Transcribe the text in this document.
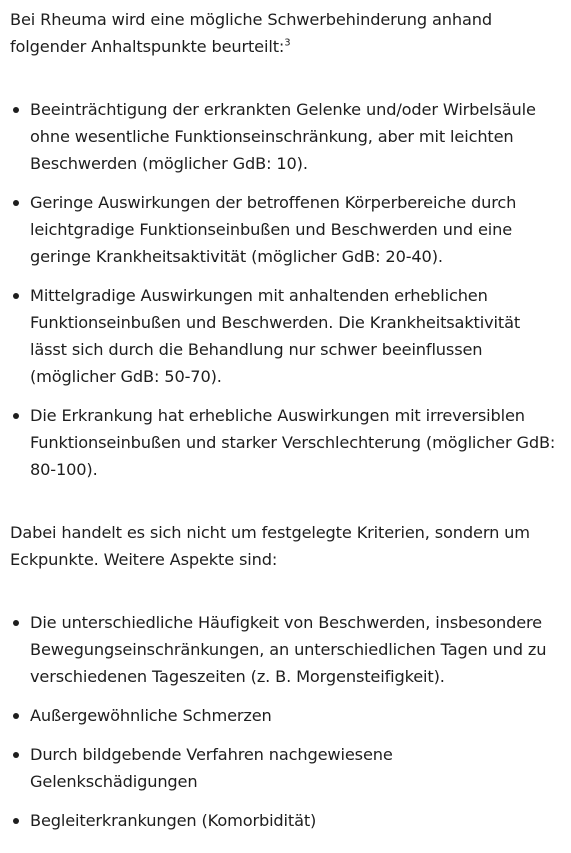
Bei Rheuma wird eine mögliche Schwerbehinderung anhand folgender Anhaltspunkte beurteilt:$^3$

Beeinträchtigung der erkrankten Gelenke und/oder Wirbelsäule ohne wesentliche Funktionseinschränkung, aber mit leichten Beschwerden (möglicher GdB: 10).
Geringe Auswirkungen der betroffenen Körperbereiche durch leichtgradige Funktionseinbußen und Beschwerden und eine geringe Krankheitsaktivität (möglicher GdB: 20-40).
Mittelgradige Auswirkungen mit anhaltenden erheblichen Funktionseinbußen und Beschwerden. Die Krankheitsaktivität lässt sich durch die Behandlung nur schwer beeinflussen (möglicher GdB: 50-70).
Die Erkrankung hat erhebliche Auswirkungen mit irreversiblen Funktionseinbußen und starker Verschlechterung (möglicher GdB: 80-100).

Dabei handelt es sich nicht um festgelegte Kriterien, sondern um Eckpunkte. Weitere Aspekte sind:

Die unterschiedliche Häufigkeit von Beschwerden, insbesondere Bewegungseinschränkungen, an unterschiedlichen Tagen und zu verschiedenen Tageszeiten (z. B. Morgensteifigkeit).
Außergewöhnliche Schmerzen
Durch bildgebende Verfahren nachgewiesene Gelenkschädigungen
Begleiterkrankungen (Komorbidität)
